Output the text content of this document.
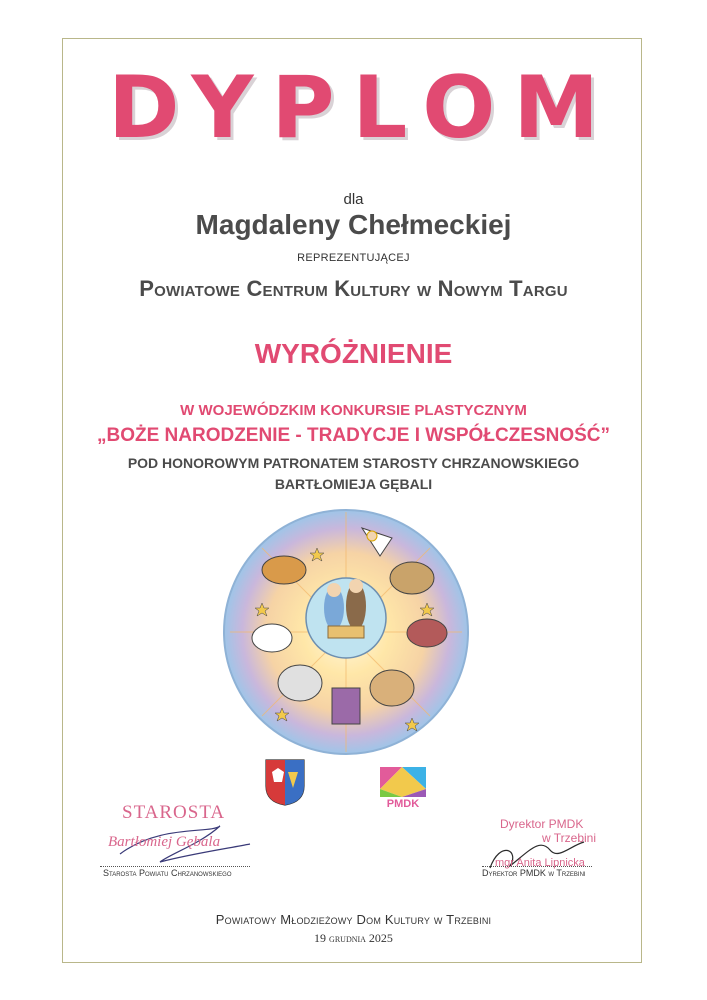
DYPLOM
dla
Magdaleny Chełmeckiej
REPREZENTUJĄCEJ
Powiatowe Centrum Kultury w Nowym Targu
WYRÓŻNIENIE
W WOJEWÓDZKIM KONKURSIE PLASTYCZNYM
„BOŻE NARODZENIE - TRADYCJE I WSPÓŁCZESNOŚĆ”
POD HONOROWYM PATRONATEM STAROSTY CHRZANOWSKIEGO
BARTŁOMIEJA GĘBALI
PMDK
STAROSTA
Bartłomiej Gębala
Starosta Powiatu Chrzanowskiego
Dyrektor PMDK
w Trzebini
mgr Anita Lipnicka
Dyrektor PMDK w Trzebini
Powiatowy Młodzieżowy Dom Kultury w Trzebini
19 grudnia 2025
